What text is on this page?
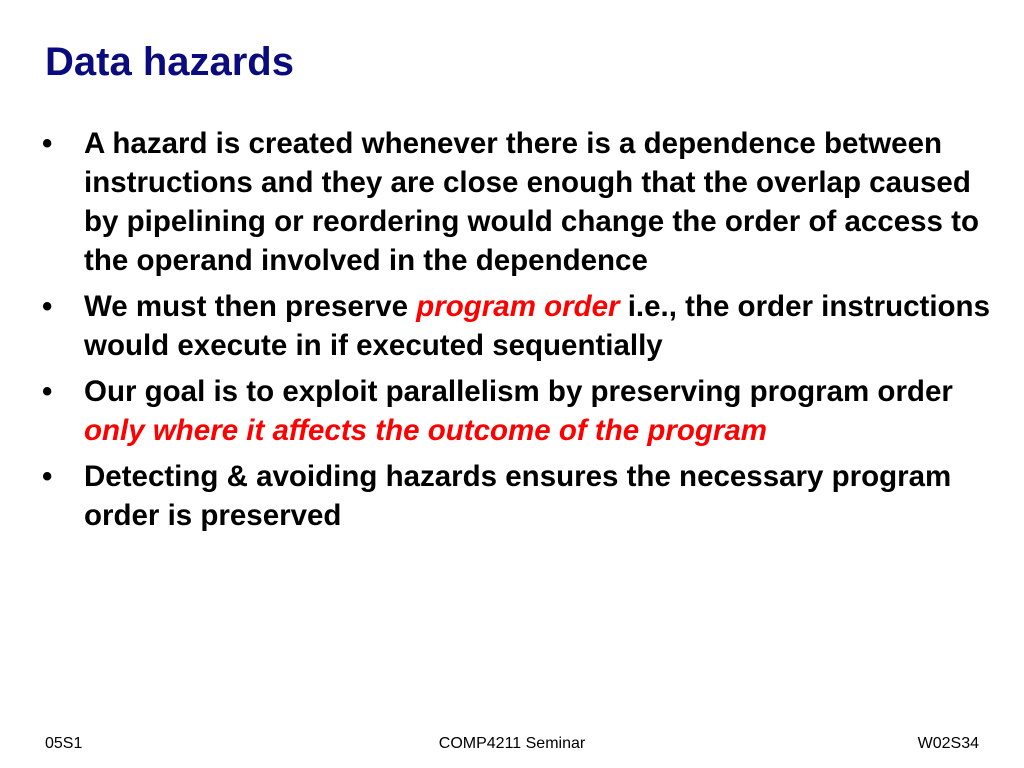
Data hazards
• A hazard is created whenever there is a dependence between instructions and they are close enough that the overlap caused by pipelining or reordering would change the order of access to the operand involved in the dependence
• We must then preserve program order i.e., the order instructions would execute in if executed sequentially
• Our goal is to exploit parallelism by preserving program order only where it affects the outcome of the program
• Detecting & avoiding hazards ensures the necessary program order is preserved
05S1	COMP4211 Seminar	W02S34
